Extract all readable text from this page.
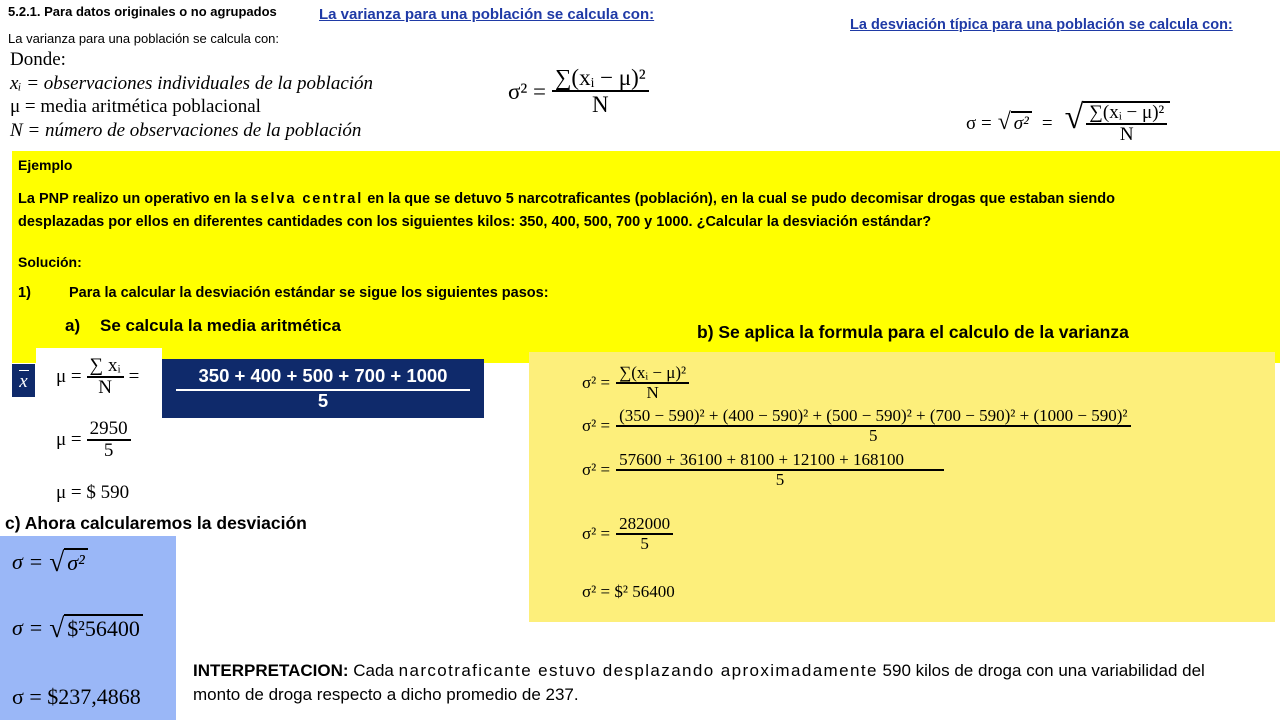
5.2.1. Para datos originales o no agrupados
La varianza para una población se calcula con:
La varianza para una población se calcula con:
La desviación típica para una población se calcula con:
Donde:
xᵢ = observaciones individuales de la población
μ = media aritmética poblacional
N = número de observaciones de la población
$\sigma^2 = \frac{\text{∑(xᵢ − μ)²}}{N}$
σ = √ σ² = √ $\frac{\text{∑(xᵢ − μ)²}}{N}$
Ejemplo
La PNP realizo un operativo en la selva central en la que se detuvo 5 narcotraficantes (población), en la cual se pudo decomisar drogas que estaban siendo
desplazadas por ellos en diferentes cantidades con los siguientes kilos: 350, 400, 500, 700 y 1000. ¿Calcular la desviación estándar?
Solución:
1)	Para la calcular la desviación estándar se sigue los siguientes pasos:
a) Se calcula la media aritmética	b) Se aplica la formula para el calculo de la varianza
x	$\mu = \frac{\text{∑ xᵢ}}{N}$ =	350 + 400 + 500 + 700 + 1000
5
$\mu = \frac{2950}{5}$
μ = $ 590
$\sigma^2 = \frac{\text{∑(xᵢ − μ)²}}{N}$
σ² =
(350 − 590)² + (400 − 590)² + (500 − 590)² + (700 − 590)² + (1000 − 590)²
5
$\sigma^2 = \frac{57600 + 36100 + 8100 + 12100 + 168100}{5}$
$\sigma^2 = \frac{282000}{5}$
σ² = $² 56400
c) Ahora calcularemos la desviación
σ = √ σ²
σ = √ $²56400
σ = $237,4868
INTERPRETACION: Cada narcotraficante estuvo desplazando aproximadamente 590 kilos de droga con una variabilidad del monto de droga respecto a dicho promedio de 237.
